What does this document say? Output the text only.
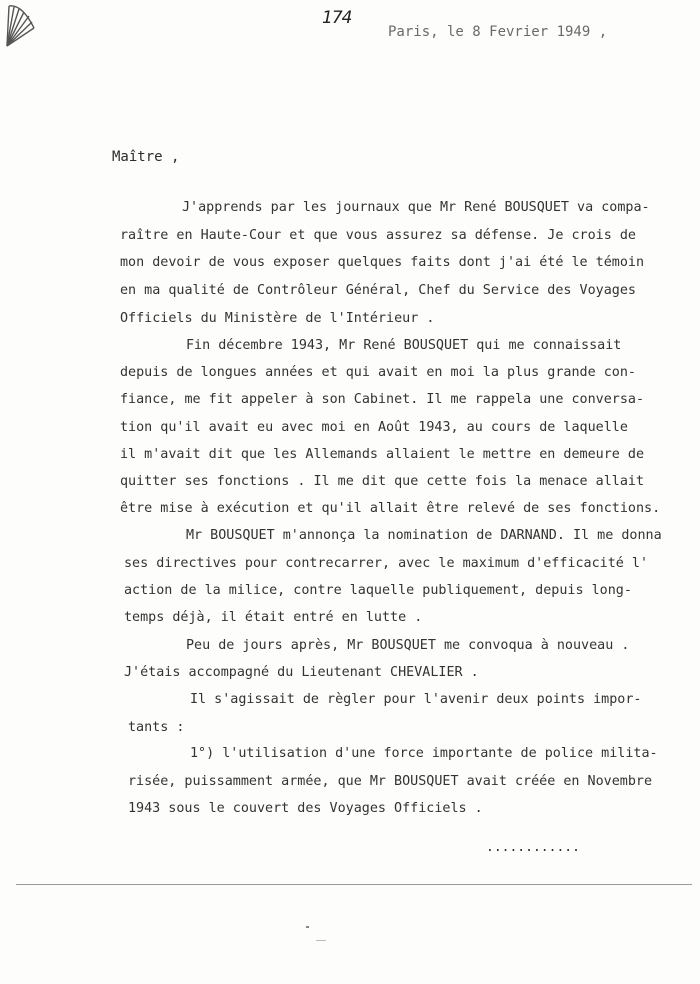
174
Paris, le 8 Fevrier 1949 ,
Maître ,
J'apprends par les journaux que Mr René BOUSQUET va compa-
raître en Haute-Cour et que vous assurez sa défense. Je crois de
mon devoir de vous exposer quelques faits dont j'ai été le témoin
en ma qualité de Contrôleur Général, Chef du Service des Voyages
Officiels du Ministère de l'Intérieur .
Fin décembre 1943, Mr René BOUSQUET qui me connaissait
depuis de longues années et qui avait en moi la plus grande con-
fiance, me fit appeler à son Cabinet. Il me rappela une conversa-
tion qu'il avait eu avec moi en Août 1943, au cours de laquelle
il m'avait dit que les Allemands allaient le mettre en demeure de
quitter ses fonctions . Il me dit que cette fois la menace allait
être mise à exécution et qu'il allait être relevé de ses fonctions.
Mr BOUSQUET m'annonça la nomination de DARNAND. Il me donna
ses directives pour contrecarrer, avec le maximum d'efficacité l'
action de la milice, contre laquelle publiquement, depuis long-
temps déjà, il était entré en lutte .
Peu de jours après, Mr BOUSQUET me convoqua à nouveau .
J'étais accompagné du Lieutenant CHEVALIER .
Il s'agissait de règler pour l'avenir deux points impor-
tants :
1°) l'utilisation d'une force importante de police milita-
risée, puissamment armée, que Mr BOUSQUET avait créée en Novembre
1943 sous le couvert des Voyages Officiels .
............
